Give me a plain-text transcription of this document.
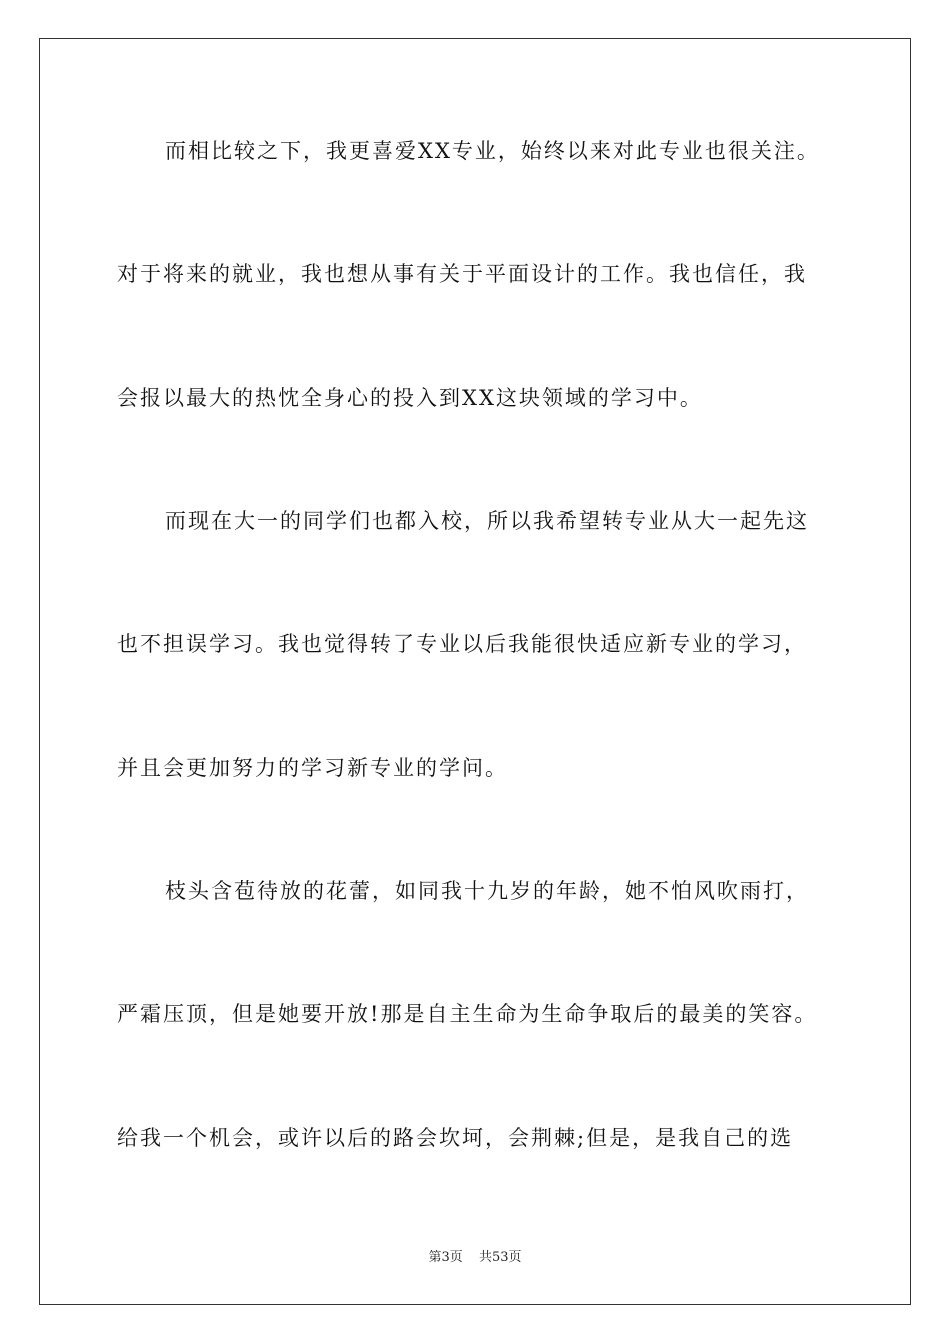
而相比较之下，我更喜爱XX专业，始终以来对此专业也很关注。
对于将来的就业，我也想从事有关于平面设计的工作。我也信任，我
会报以最大的热忱全身心的投入到XX这块领域的学习中。
而现在大一的同学们也都入校，所以我希望转专业从大一起先这
也不担误学习。我也觉得转了专业以后我能很快适应新专业的学习，
并且会更加努力的学习新专业的学问。
枝头含苞待放的花蕾，如同我十九岁的年龄，她不怕风吹雨打，
严霜压顶，但是她要开放!那是自主生命为生命争取后的最美的笑容。
给我一个机会，或许以后的路会坎坷，会荆棘;但是，是我自己的选
第3页 共53页
